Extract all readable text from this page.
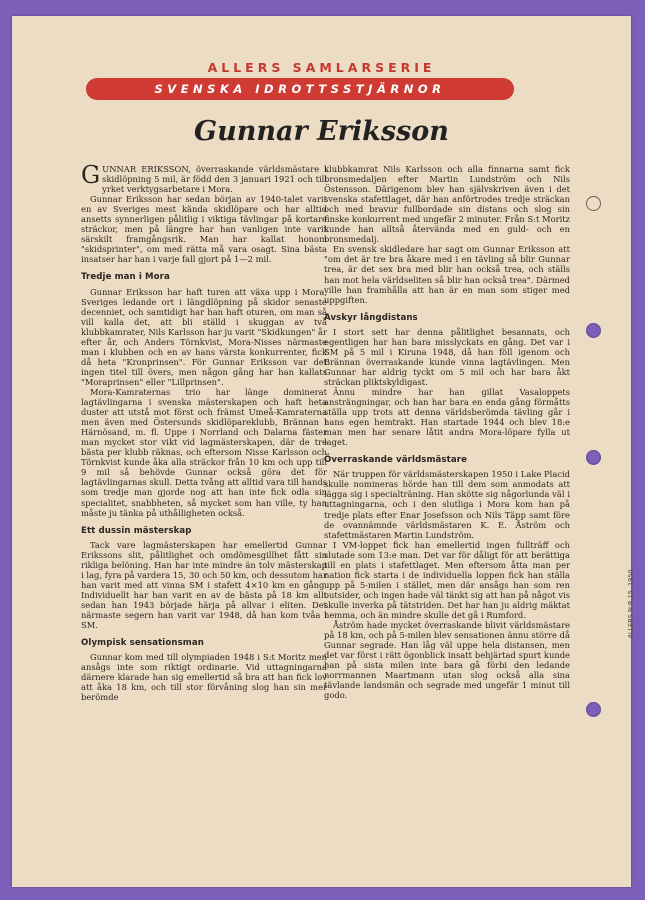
ALLERS SAMLARSERIE
SVENSKA IDROTTSSTJÄRNOR
Gunnar Eriksson

GUNNAR ERIKSSON, överraskande världsmästare i skidlöpning 5 mil, är född den 3 januari 1921 och till yrket verktygsarbetare i Mora.

Gunnar Eriksson har sedan början av 1940-talet varit en av Sveriges mest kända skidlöpare och har alltid ansetts synnerligen pålitlig i viktiga tävlingar på kortare sträckor, men på längre har han vanligen inte varit särskilt framgångsrik. Man har kallat honom "skidsprinter", om med rätta må vara osagt. Sina bästa insatser har han i varje fall gjort på 1—2 mil.

Tredje man i Mora

Gunnar Eriksson har haft turen att växa upp i Mora, Sveriges ledande ort i längdlöpning på skidor senaste decenniet, och samtidigt har han haft oturen, om man så vill kalla det, att bli ställd i skuggan av två klubbkamrater, Nils Karlsson har ju varit "Skidkungen" år efter år, och Anders Törnkvist, Mora-Nisses närmaste man i klubben och en av hans värsta konkurrenter, fick då heta "Kronprinsen". För Gunnar Eriksson var det ingen titel till övers, men någon gång har han kallats "Moraprinsen" eller "Lillprinsen".

Mora-Kamraternas trio har länge dominerat lagtävlingarna i svenska mästerskapen och haft heta duster att utstå mot först och främst Umeå-Kamraterna men även med Östersunds skidlöpareklubb, Brännan i Härnösand, m. fl. Uppe i Norrland och Dalarna fäster man mycket stor vikt vid lagmästerskapen, där de tre bästa per klubb räknas, och eftersom Nisse Karlsson och Törnkvist kunde åka alla sträckor från 10 km och upp till 9 mil så behövde Gunnar också göra det för lagtävlingarnas skull. Detta tvång att alltid vara till hands som tredje man gjorde nog att han inte fick odla sin specialitet, snabbheten, så mycket som han ville, ty han måste ju tänka på uthålligheten också.

Ett dussin mästerskap

Tack vare lagmästerskapen har emellertid Gunnar Erikssons slit, pålitlighet och omdömesgillhet fått sin rikliga belöning. Han har inte mindre än tolv mästerskap i lag, fyra på vardera 15, 30 och 50 km, och dessutom har han varit med att vinna SM i stafett 4×10 km en gång. Individuellt har han varit en av de bästa på 18 km allt sedan han 1943 började härja på allvar i eliten. Det närmaste segern han varit var 1948, då han kom tvåa i SM.

Olympisk sensationsman

Gunnar kom med till olympiaden 1948 i S:t Moritz men ansågs inte som riktigt ordinarie. Vid uttagningarna därnere klarade han sig emellertid så bra att han fick lov att åka 18 km, och till stor förvåning slog han sin mer berömde

klubbkamrat Nils Karlsson och alla finnarna samt fick bronsmedaljen efter Martin Lundström och Nils Östensson. Därigenom blev han självskriven även i det svenska stafettlaget, där han anförtrodes tredje sträckan och med bravur fullbordade sin distans och slog sin finske konkurrent med ungefär 2 minuter. Från S:t Moritz kunde han alltså återvända med en guld- och en bronsmedalj.

En svensk skidledare har sagt om Gunnar Eriksson att "om det är tre bra åkare med i en tävling så blir Gunnar trea, är det sex bra med blir han också trea, och ställs han mot hela världseliten så blir han också trea". Därmed ville han framhålla att han är en man som stiger med uppgiften.

Avskyr långdistans

I stort sett har denna pålitlighet besannats, och egentligen har han bara misslyckats en gång. Det var i SM på 5 mil i Kiruna 1948, då han föll igenom och Brännan överraskande kunde vinna lagtävlingen. Men Gunnar har aldrig tyckt om 5 mil och har bara åkt sträckan pliktskyldigast.

Ännu mindre har han gillat Vasaloppets ansträngningar, och han har bara en enda gång förmåtts ställa upp trots att denna världsberömda tävling går i hans egen hemtrakt. Han startade 1944 och blev 18:e man men har senare låtit andra Mora-löpare fylla ut laget.

Överraskande världsmästare

När truppen för världsmästerskapen 1950 i Lake Placid skulle nomineras hörde han till dem som anmodats att lägga sig i specialträning. Han skötte sig någorlunda väl i uttagningarna, och i den slutliga i Mora kom han på tredje plats efter Enar Josefsson och Nils Täpp samt före de ovannämnde världsmästaren K. E. Åström och stafettmästaren Martin Lundström.

I VM-loppet fick han emellertid ingen fullträff och slutade som 13:e man. Det var för dåligt för att berättiga till en plats i stafettlaget. Men eftersom åtta man per nation fick starta i de individuella loppen fick han ställa upp på 5-milen i stället, men där ansågs han som ren outsider, och ingen hade väl tänkt sig att han på något vis skulle inverka på tätstriden. Det har han ju aldrig mäktat hemma, och än mindre skulle det gå i Rumford.

Åström hade mycket överraskande blivit världsmästare på 18 km, och på 5-milen blev sensationen ännu större då Gunnar segrade. Han låg väl uppe hela distansen, men det var först i rätt ögonblick insatt behjärtad spurt kunde han på sista milen inte bara gå förbi den ledande norrmannen Maartmann utan slog också alla sina tävlande landsmän och segrade med ungefär 1 minut till godo.

ALLERS N:R 15, 1950
